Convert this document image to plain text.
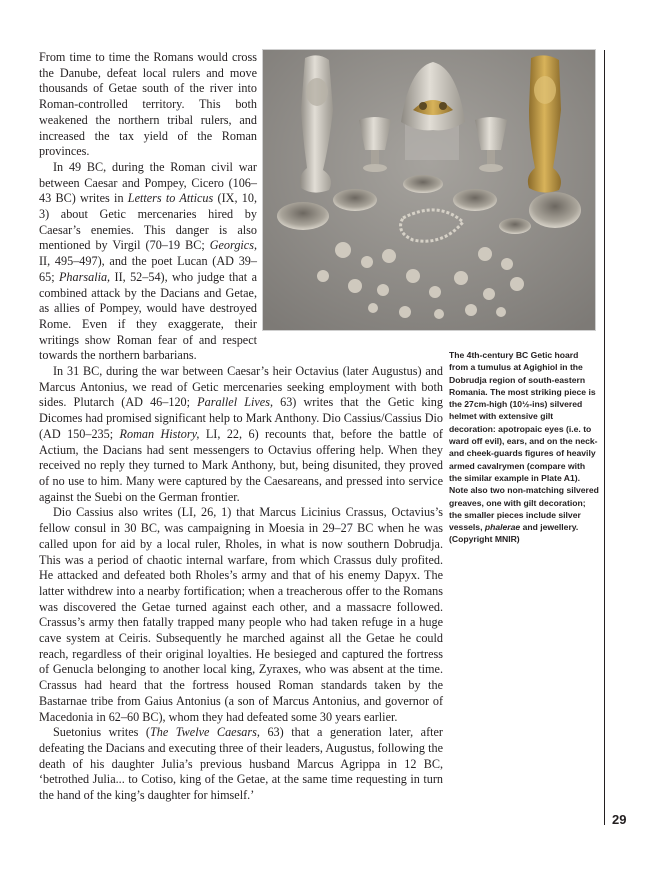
From time to time the Romans would cross the Danube, defeat local rulers and move thousands of Getae south of the river into Roman-controlled territory. This both weakened the northern tribal rulers, and increased the tax yield of the Roman provinces.

In 49 BC, during the Roman civil war between Caesar and Pompey, Cicero (106–43 BC) writes in Letters to Atticus (IX, 10, 3) about Getic mercenaries hired by Caesar’s enemies. This danger is also mentioned by Virgil (70–19 BC; Georgics, II, 495–497), and the poet Lucan (AD 39–65; Pharsalia, II, 52–54), who judge that a combined attack by the Dacians and Getae, as allies of Pompey, would have destroyed Rome. Even if they exaggerate, their writings show Roman fear of and respect towards the northern barbarians.

In 31 BC, during the war between Caesar’s heir Octavius (later Augustus) and Marcus Antonius, we read of Getic mercenaries seeking employment with both sides. Plutarch (AD 46–120; Parallel Lives, 63) writes that the Getic king Dicomes had promised significant help to Mark Anthony. Dio Cassius/Cassius Dio (AD 150–235; Roman History, LI, 22, 6) recounts that, before the battle of Actium, the Dacians had sent messengers to Octavius offering help. When they received no reply they turned to Mark Anthony, but, being disunited, they proved of no use to him. Many were captured by the Caesareans, and pressed into service against the Suebi on the German frontier.

Dio Cassius also writes (LI, 26, 1) that Marcus Licinius Crassus, Octavius’s fellow consul in 30 BC, was campaigning in Moesia in 29–27 BC when he was called upon for aid by a local ruler, Rholes, in what is now southern Dobrudja. This was a period of chaotic internal warfare, from which Crassus duly profited. He attacked and defeated both Rholes’s army and that of his enemy Dapyx. The latter withdrew into a nearby fortification; when a treacherous offer to the Romans was discovered the Getae turned against each other, and a massacre followed. Crassus’s army then fatally trapped many people who had taken refuge in a huge cave system at Ceiris. Subsequently he marched against all the Getae he could reach, regardless of their original loyalties. He besieged and captured the fortress of Genucla belonging to another local king, Zyraxes, who was absent at the time. Crassus had heard that the fortress housed Roman standards taken by the Bastarnae tribe from Gaius Antonius (a son of Marcus Antonius, and governor of Macedonia in 62–60 BC), whom they had defeated some 30 years earlier.

Suetonius writes (The Twelve Caesars, 63) that a generation later, after defeating the Dacians and executing three of their leaders, Augustus, following the death of his daughter Julia’s previous husband Marcus Agrippa in 12 BC, ‘betrothed Julia... to Cotiso, king of the Getae, at the same time requesting in turn the hand of the king’s daughter for himself.’

The 4th-century BC Getic hoard from a tumulus at Agighiol in the Dobrudja region of south-eastern Romania. The most striking piece is the 27cm-high (10½-ins) silvered helmet with extensive gilt decoration: apotropaic eyes (i.e. to ward off evil), ears, and on the neck- and cheek-guards figures of heavily armed cavalrymen (compare with the similar example in Plate A1). Note also two non-matching silvered greaves, one with gilt decoration; the smaller pieces include silver vessels, phalerae and jewellery. (Copyright MNIR)
29
